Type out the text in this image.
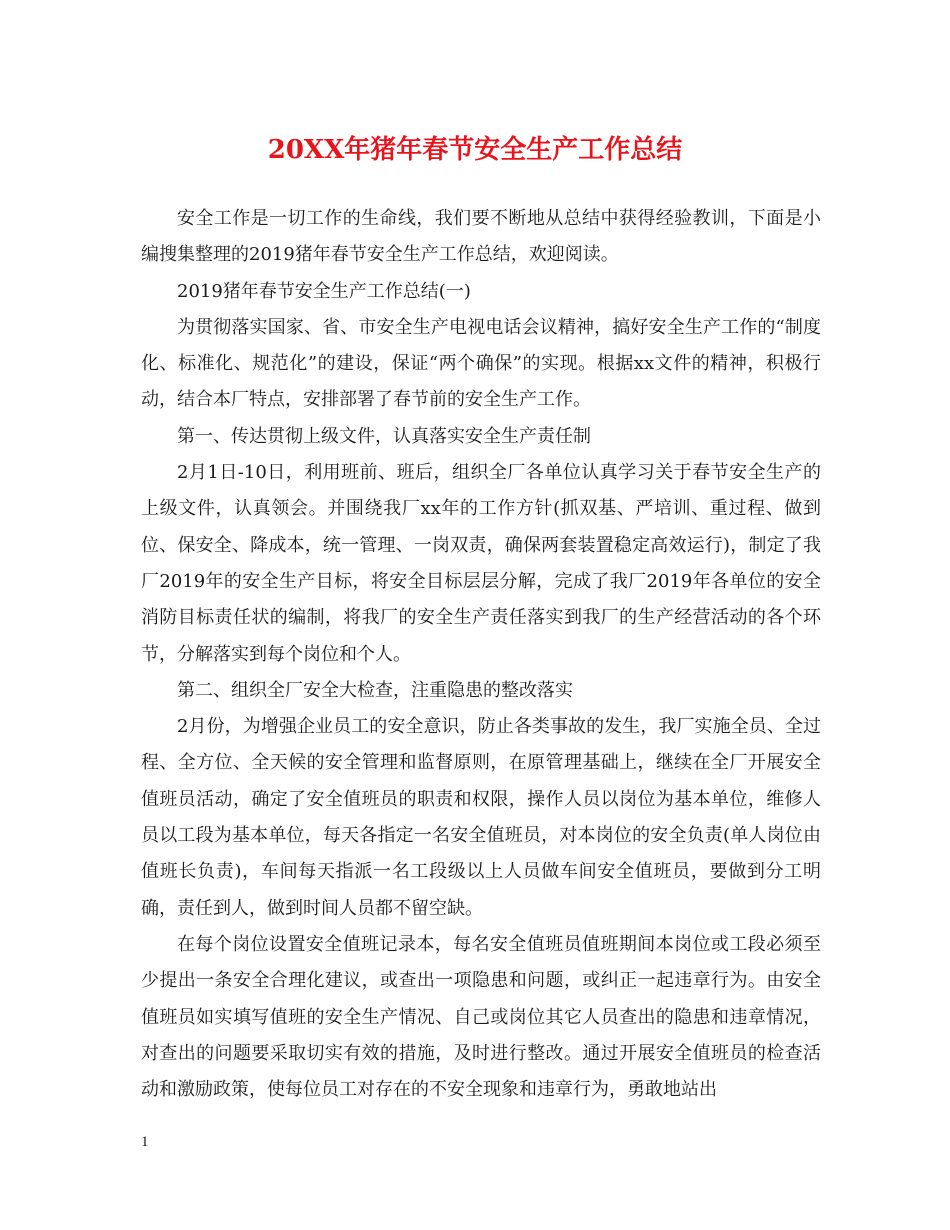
20XX年猪年春节安全生产工作总结

安全工作是一切工作的生命线，我们要不断地从总结中获得经验教训，下面是小编搜集整理的2019猪年春节安全生产工作总结，欢迎阅读。

2019猪年春节安全生产工作总结(一)

为贯彻落实国家、省、市安全生产电视电话会议精神，搞好安全生产工作的“制度化、标准化、规范化”的建设，保证“两个确保”的实现。根据xx文件的精神，积极行动，结合本厂特点，安排部署了春节前的安全生产工作。

第一、传达贯彻上级文件，认真落实安全生产责任制

2月1日-10日，利用班前、班后，组织全厂各单位认真学习关于春节安全生产的上级文件，认真领会。并围绕我厂xx年的工作方针(抓双基、严培训、重过程、做到位、保安全、降成本，统一管理、一岗双责，确保两套装置稳定高效运行)，制定了我厂2019年的安全生产目标，将安全目标层层分解，完成了我厂2019年各单位的安全消防目标责任状的编制，将我厂的安全生产责任落实到我厂的生产经营活动的各个环节，分解落实到每个岗位和个人。

第二、组织全厂安全大检查，注重隐患的整改落实

2月份，为增强企业员工的安全意识，防止各类事故的发生，我厂实施全员、全过程、全方位、全天候的安全管理和监督原则，在原管理基础上，继续在全厂开展安全值班员活动，确定了安全值班员的职责和权限，操作人员以岗位为基本单位，维修人员以工段为基本单位，每天各指定一名安全值班员，对本岗位的安全负责(单人岗位由值班长负责)，车间每天指派一名工段级以上人员做车间安全值班员，要做到分工明确，责任到人，做到时间人员都不留空缺。

在每个岗位设置安全值班记录本，每名安全值班员值班期间本岗位或工段必须至少提出一条安全合理化建议，或查出一项隐患和问题，或纠正一起违章行为。由安全值班员如实填写值班的安全生产情况、自己或岗位其它人员查出的隐患和违章情况，对查出的问题要采取切实有效的措施，及时进行整改。通过开展安全值班员的检查活动和激励政策，使每位员工对存在的不安全现象和违章行为，勇敢地站出

1
